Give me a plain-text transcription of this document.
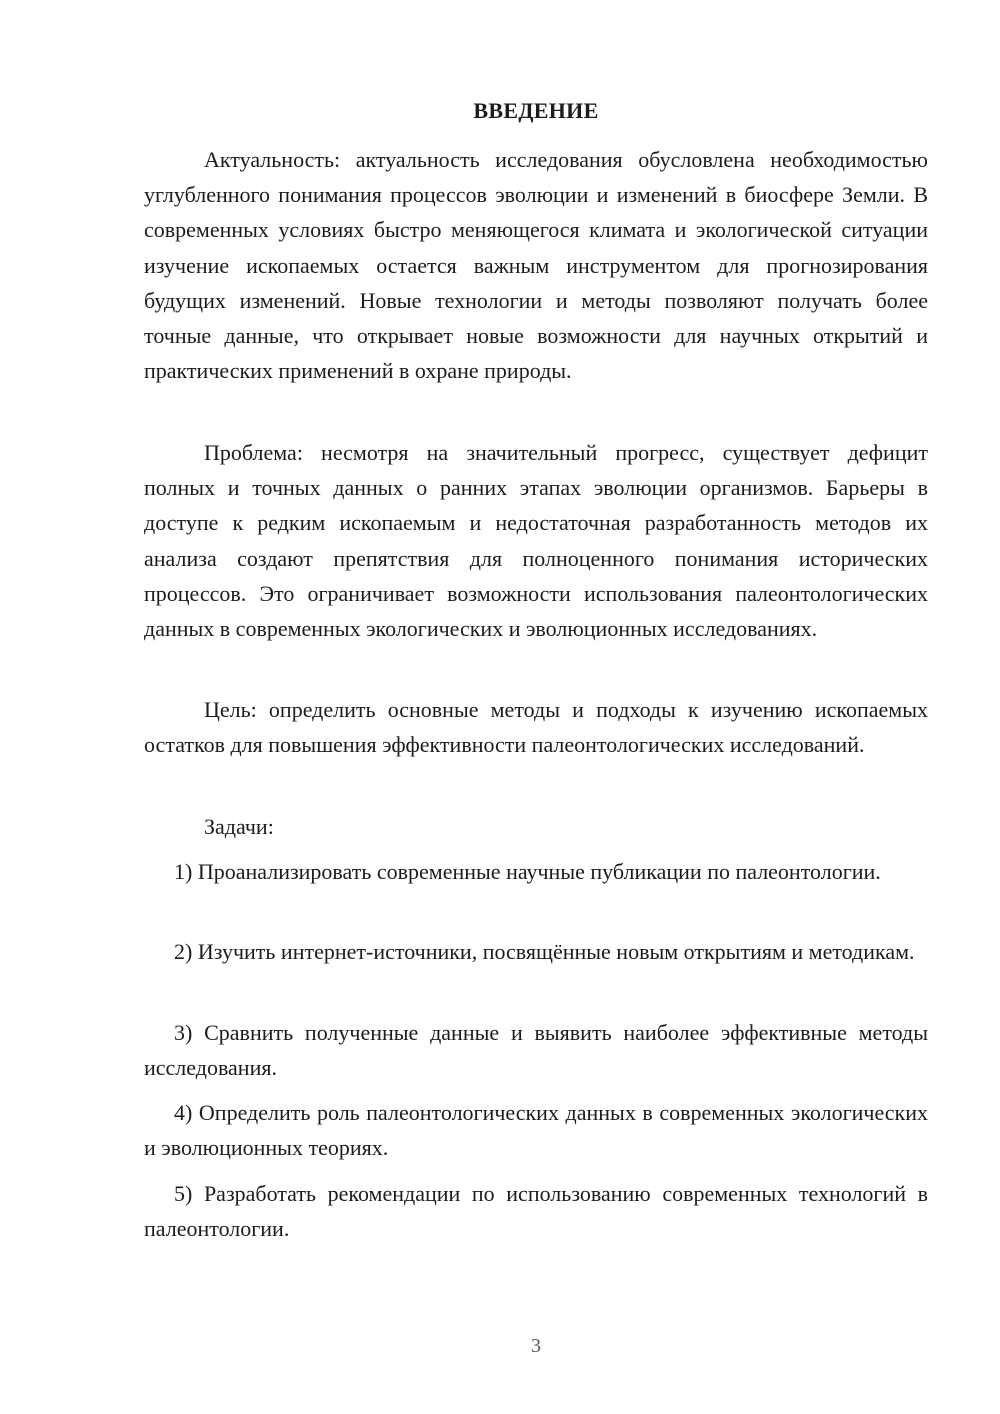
ВВЕДЕНИЕ
Актуальность: актуальность исследования обусловлена необходимостью углубленного понимания процессов эволюции и изменений в биосфере Земли. В современных условиях быстро меняющегося климата и экологической ситуации изучение ископаемых остается важным инструментом для прогнозирования будущих изменений. Новые технологии и методы позволяют получать более точные данные, что открывает новые возможности для научных открытий и практических применений в охране природы.
Проблема: несмотря на значительный прогресс, существует дефицит полных и точных данных о ранних этапах эволюции организмов. Барьеры в доступе к редким ископаемым и недостаточная разработанность методов их анализа создают препятствия для полноценного понимания исторических процессов. Это ограничивает возможности использования палеонтологических данных в современных экологических и эволюционных исследованиях.
Цель: определить основные методы и подходы к изучению ископаемых остатков для повышения эффективности палеонтологических исследований.
Задачи:
1) Проанализировать современные научные публикации по палеонтологии.
2) Изучить интернет-источники, посвящённые новым открытиям и методикам.
3) Сравнить полученные данные и выявить наиболее эффективные методы исследования.
4) Определить роль палеонтологических данных в современных экологических и эволюционных теориях.
5) Разработать рекомендации по использованию современных технологий в палеонтологии.
3
